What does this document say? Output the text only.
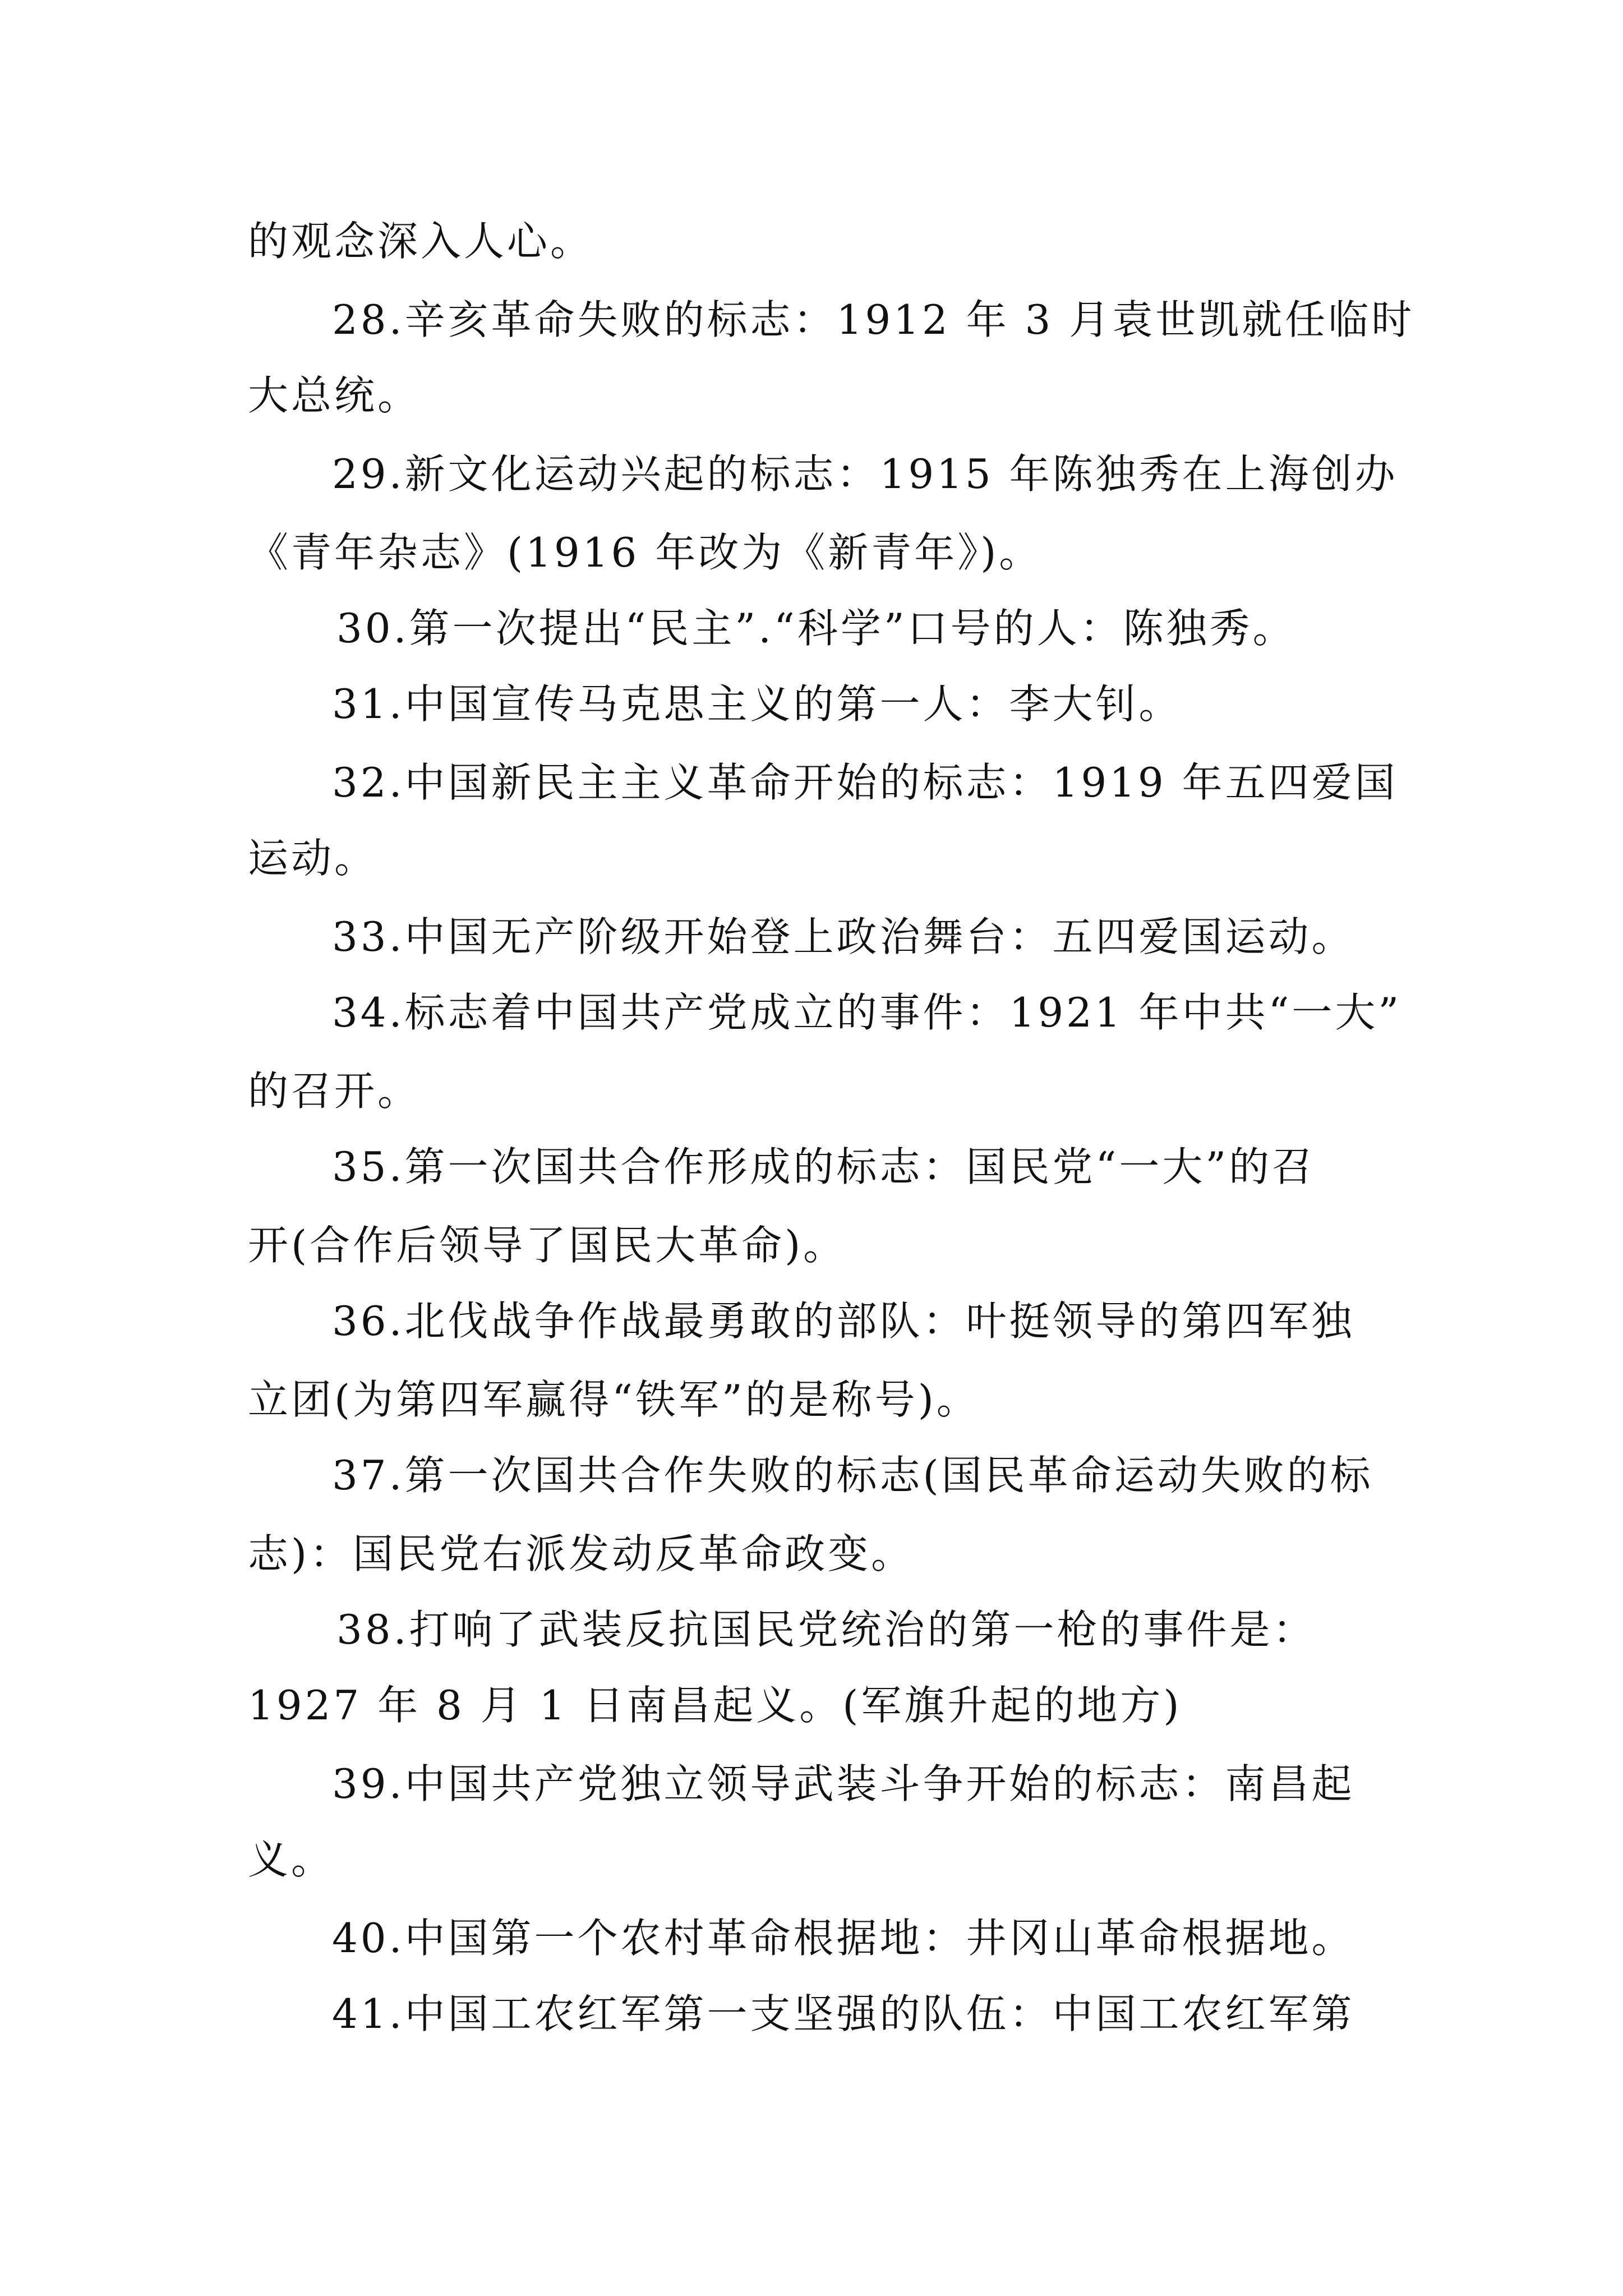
的观念深入人心。
28.辛亥革命失败的标志：1912 年 3 月袁世凯就任临时
大总统。
29.新文化运动兴起的标志：1915 年陈独秀在上海创办
《青年杂志》(1916 年改为《新青年》)。
30.第一次提出“民主”.“科学”口号的人：陈独秀。
31.中国宣传马克思主义的第一人：李大钊。
32.中国新民主主义革命开始的标志：1919 年五四爱国
运动。
33.中国无产阶级开始登上政治舞台：五四爱国运动。
34.标志着中国共产党成立的事件：1921 年中共“一大”
的召开。
35.第一次国共合作形成的标志：国民党“一大”的召
开(合作后领导了国民大革命)。
36.北伐战争作战最勇敢的部队：叶挺领导的第四军独
立团(为第四军赢得“铁军”的是称号)。
37.第一次国共合作失败的标志(国民革命运动失败的标
志)：国民党右派发动反革命政变。
38.打响了武装反抗国民党统治的第一枪的事件是：
1927 年 8 月 1 日南昌起义。(军旗升起的地方)
39.中国共产党独立领导武装斗争开始的标志：南昌起
义。
40.中国第一个农村革命根据地：井冈山革命根据地。
41.中国工农红军第一支坚强的队伍：中国工农红军第
